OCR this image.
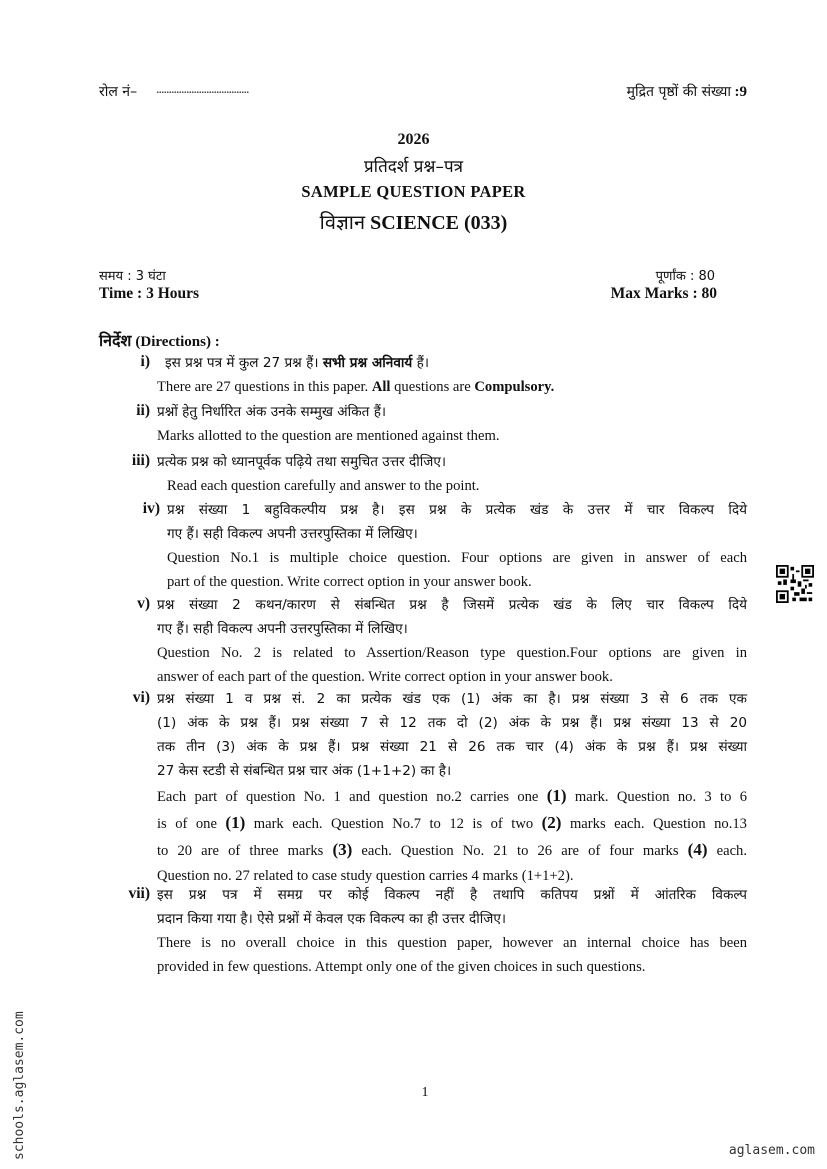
रोल नं– .....................................	मुद्रित पृष्ठों की संख्या :9
2026
प्रतिदर्श प्रश्न–पत्र
SAMPLE QUESTION PAPER
विज्ञान SCIENCE (033)
समय : 3 घंटा
Time : 3 Hours
पूर्णांक : 80
Max Marks : 80
निर्देश (Directions) :
i)	इस प्रश्न पत्र में कुल 27 प्रश्न हैं। सभी प्रश्न अनिवार्य हैं।

There are 27 questions in this paper. All questions are Compulsory.

ii) प्रश्नों हेतु निर्धारित अंक उनके सम्मुख अंकित हैं।

Marks allotted to the question are mentioned against them.

iii) प्रत्येक प्रश्न को ध्यानपूर्वक पढ़िये तथा समुचित उत्तर दीजिए।

Read each question carefully and answer to the point.

iv) प्रश्न संख्या 1 बहुविकल्पीय प्रश्न है। इस प्रश्न के प्रत्येक खंड के उत्तर में चार विकल्प दिये

गए हैं। सही विकल्प अपनी उत्तरपुस्तिका में लिखिए।

Question No.1 is multiple choice question. Four options are given in answer of each

part of the question. Write correct option in your answer book.

v) प्रश्न संख्या 2 कथन/कारण से संबन्धित प्रश्न है जिसमें प्रत्येक खंड के लिए चार विकल्प दिये

गए हैं। सही विकल्प अपनी उत्तरपुस्तिका में लिखिए।

Question No. 2 is related to Assertion/Reason type question.Four options are given in

answer of each part of the question. Write correct option in your answer book.

vi) प्रश्न संख्या 1 व प्रश्न सं. 2 का प्रत्येक खंड एक (1) अंक का है। प्रश्न संख्या 3 से 6 तक एक

(1) अंक के प्रश्न हैं। प्रश्न संख्या 7 से 12 तक दो (2) अंक के प्रश्न हैं। प्रश्न संख्या 13 से 20

तक तीन (3) अंक के प्रश्न हैं। प्रश्न संख्या 21 से 26 तक चार (4) अंक के प्रश्न हैं। प्रश्न संख्या

27 केस स्टडी से संबन्धित प्रश्न चार अंक (1+1+2) का है।

Each part of question No. 1 and question no.2 carries one (1) mark. Question no. 3 to 6

is of one (1) mark each. Question No.7 to 12 is of two (2) marks each. Question no.13

to 20 are of three marks (3) each. Question No. 21 to 26 are of four marks (4) each.

Question no. 27 related to case study question carries 4 marks (1+1+2).

vii) इस प्रश्न पत्र में समग्र पर कोई विकल्प नहीं है तथापि कतिपय प्रश्नों में आंतरिक विकल्प

प्रदान किया गया है। ऐसे प्रश्नों में केवल एक विकल्प का ही उत्तर दीजिए।

There is no overall choice in this question paper, however an internal choice has been

provided in few questions. Attempt only one of the given choices in such questions.

schools.aglasem.com	1
aglasem.com
